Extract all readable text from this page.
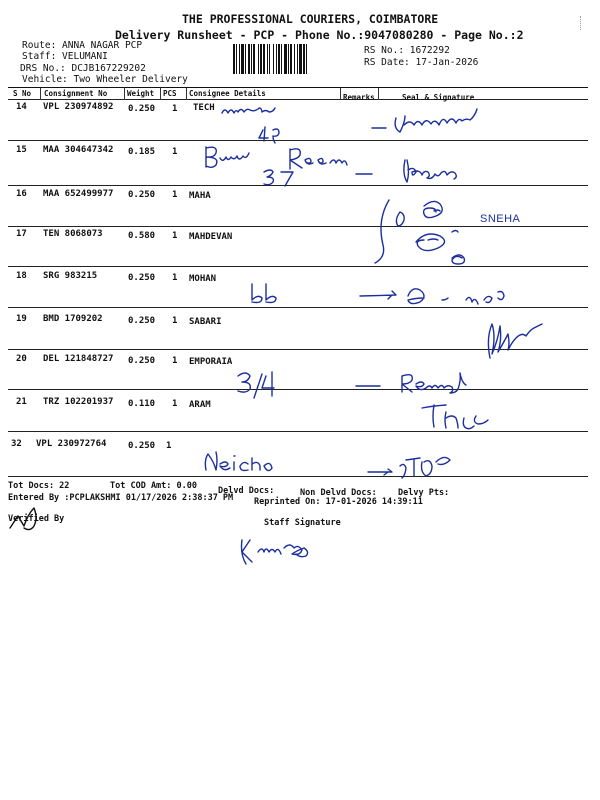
THE PROFESSIONAL COURIERS, COIMBATORE
Delivery Runsheet - PCP - Phone No.:9047080280 - Page No.:2
Route: ANNA NAGAR PCP
Staff: VELUMANI
DRS No.: DCJB167229202
Vehicle: Two Wheeler Delivery
RS No.: 1672292
RS Date: 17-Jan-2026
S No Consignment No	Weight PCS Consignee Details	Remarks	Seal & Signature
14 VPL 230974892 0.250 1 TECH
15 MAA 304647342 0.185 1
16 MAA 652499977 0.250 1 MAHA
17 TEN 8068073	0.580 1 MAHDEVAN
18 SRG 983215	0.250 1 MOHAN
19 BMD 1709202	0.250 1 SABARI
20 DEL 121848727 0.250 1 EMPORAIA
21 TRZ 102201937 0.110 1 ARAM
32 VPL 230972764 0.250 1
SNEHA
Tot Docs: 22	Tot COD Amt: 0.00 Delvd Docs:	Non Delvd Docs: Delvy Pts:
Entered By :PCPLAKSHMI 01/17/2026 2:38:37 PM Reprinted On: 17-01-2026 14:39:11
Verified By	Staff Signature
